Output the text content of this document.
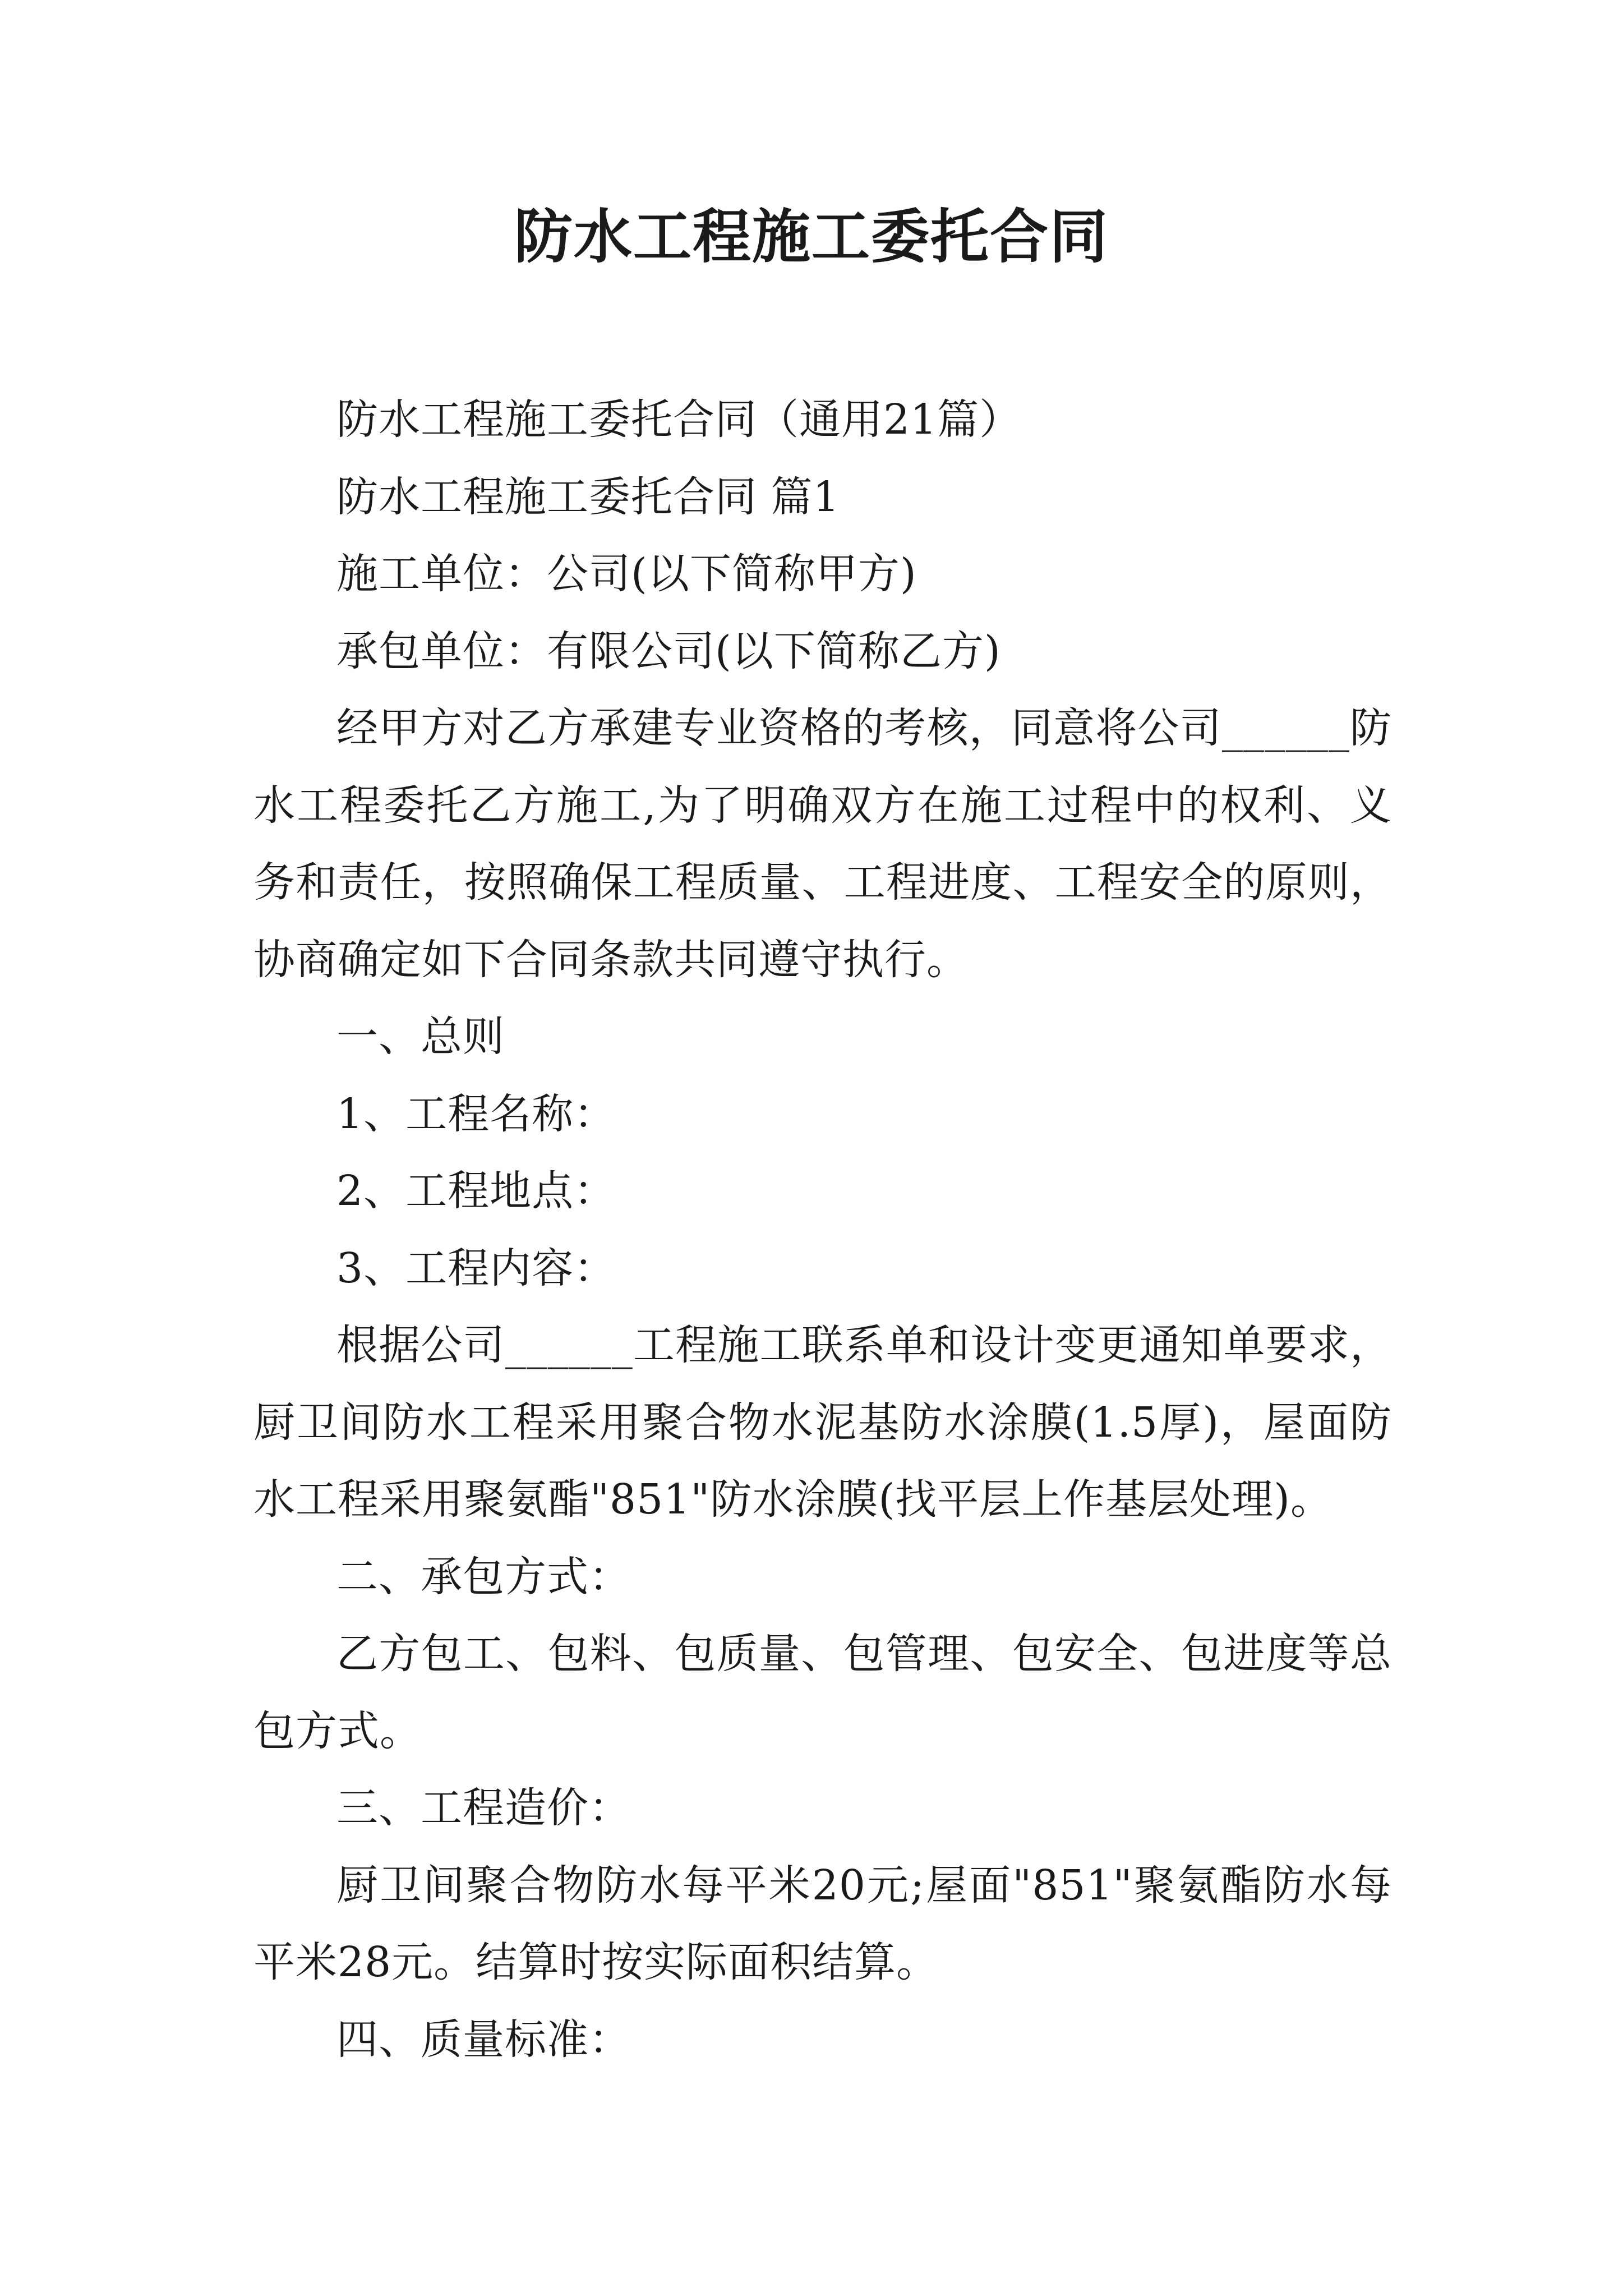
防水工程施工委托合同

防水工程施工委托合同（通用21篇）

防水工程施工委托合同 篇1

施工单位：公司(以下简称甲方)

承包单位：有限公司(以下简称乙方)

经甲方对乙方承建专业资格的考核，同意将公司______防水工程委托乙方施工,为了明确双方在施工过程中的权利、义务和责任，按照确保工程质量、工程进度、工程安全的原则，协商确定如下合同条款共同遵守执行。

一、总则

1、工程名称：

2、工程地点：

3、工程内容：

根据公司______工程施工联系单和设计变更通知单要求，厨卫间防水工程采用聚合物水泥基防水涂膜(1.5厚)，屋面防水工程采用聚氨酯"851"防水涂膜(找平层上作基层处理)。

二、承包方式：

乙方包工、包料、包质量、包管理、包安全、包进度等总包方式。

三、工程造价：

厨卫间聚合物防水每平米20元;屋面"851"聚氨酯防水每平米28元。结算时按实际面积结算。

四、质量标准：
